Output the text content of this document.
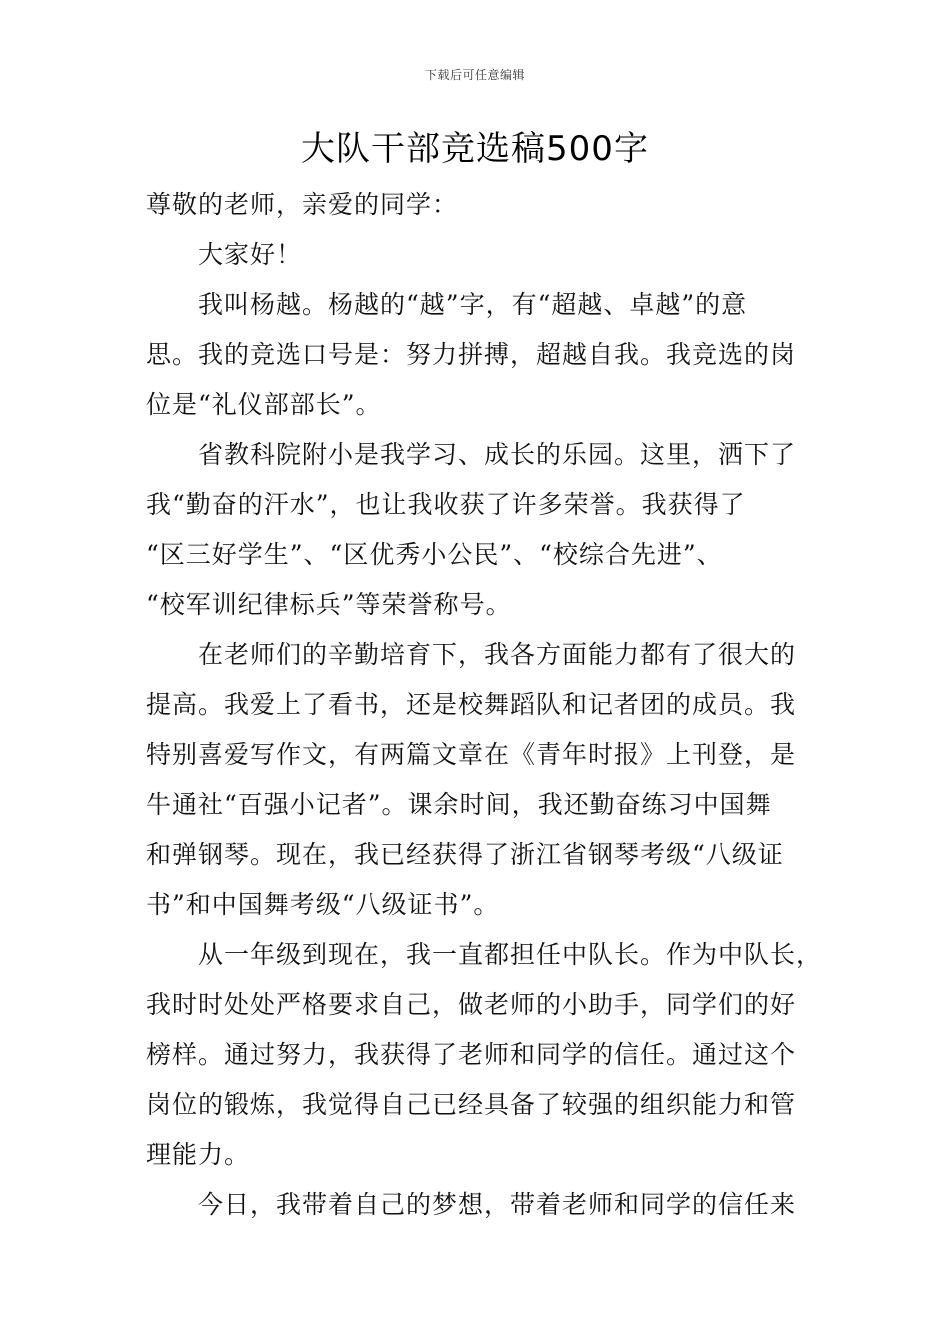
下载后可任意编辑
大队干部竞选稿500字
尊敬的老师，亲爱的同学：
　　大家好！
　　我叫杨越。杨越的“越”字，有“超越、卓越”的意
思。我的竞选口号是：努力拼搏，超越自我。我竞选的岗
位是“礼仪部部长”。
　　省教科院附小是我学习、成长的乐园。这里，洒下了
我“勤奋的汗水”，也让我收获了许多荣誉。我获得了
“区三好学生”、“区优秀小公民”、“校综合先进”、
“校军训纪律标兵”等荣誉称号。
　　在老师们的辛勤培育下，我各方面能力都有了很大的
提高。我爱上了看书，还是校舞蹈队和记者团的成员。我
特别喜爱写作文，有两篇文章在《青年时报》上刊登，是
牛通社“百强小记者”。课余时间，我还勤奋练习中国舞
和弹钢琴。现在，我已经获得了浙江省钢琴考级“八级证
书”和中国舞考级“八级证书”。
　　从一年级到现在，我一直都担任中队长。作为中队长，
我时时处处严格要求自己，做老师的小助手，同学们的好
榜样。通过努力，我获得了老师和同学的信任。通过这个
岗位的锻炼，我觉得自己已经具备了较强的组织能力和管
理能力。
　　今日，我带着自己的梦想，带着老师和同学的信任来
